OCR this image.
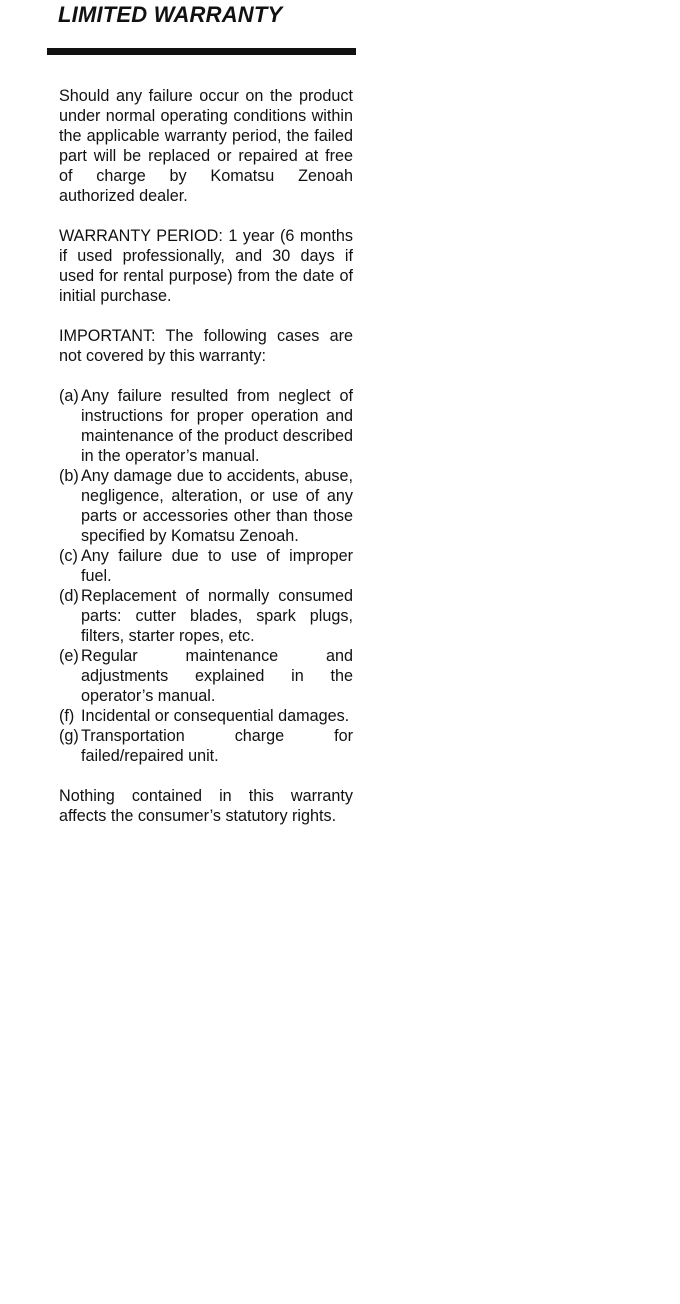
LIMITED WARRANTY

Should any failure occur on the product under normal operating conditions within the applicable warranty period, the failed part will be replaced or repaired at free of charge by Komatsu Zenoah authorized dealer.

WARRANTY PERIOD: 1 year (6 months if used professionally, and 30 days if used for rental purpose) from the date of initial purchase.

IMPORTANT: The following cases are not covered by this warranty:

(a) Any failure resulted from neglect of instructions for proper operation and maintenance of the product described in the operator’s manual.
(b) Any damage due to accidents, abuse, negligence, alteration, or use of any parts or accessories other than those specified by Komatsu Zenoah.
(c) Any failure due to use of improper fuel.
(d) Replacement of normally consumed parts: cutter blades, spark plugs, filters, starter ropes, etc.
(e) Regular maintenance and adjustments explained in the operator’s manual.
(f) Incidental or consequential damages.
(g) Transportation charge for failed/repaired unit.

Nothing contained in this warranty affects the consumer’s statutory rights.
